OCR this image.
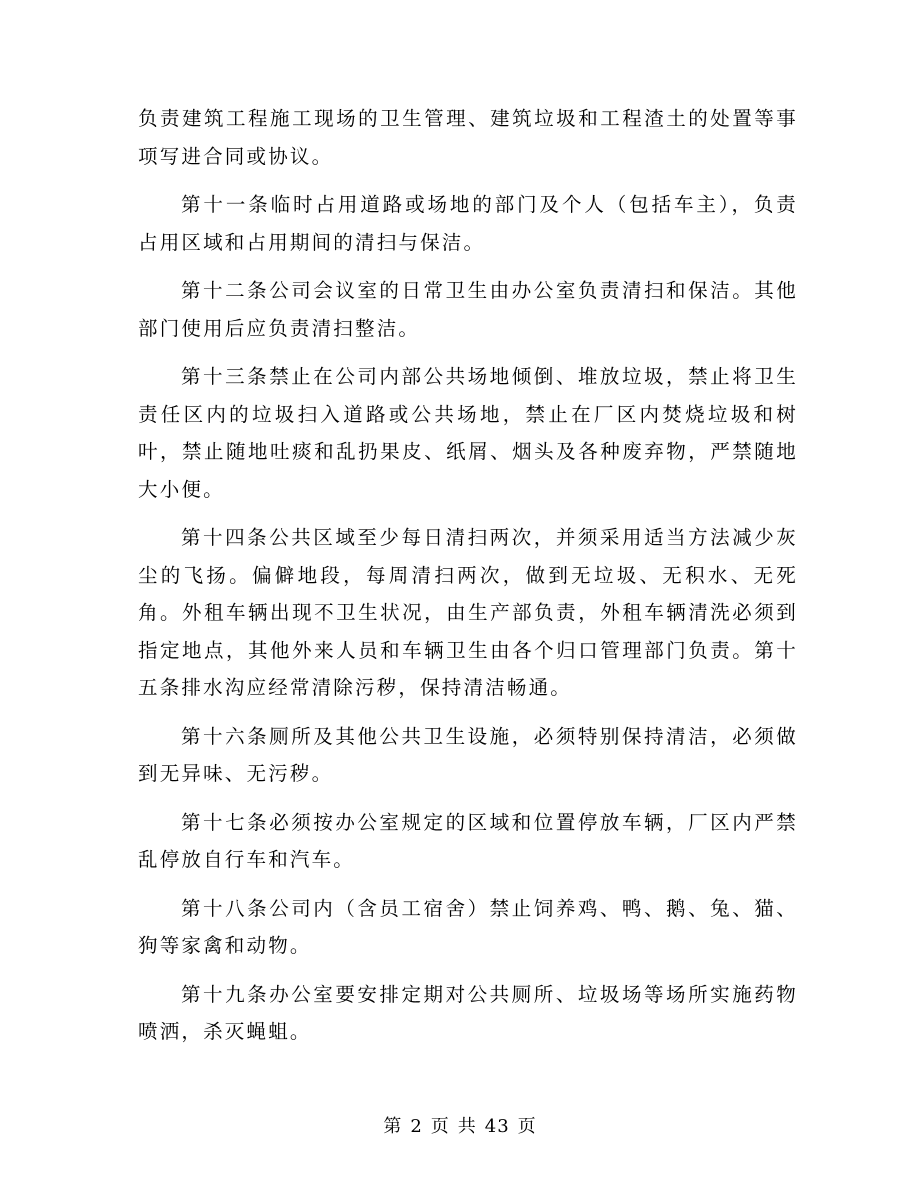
负责建筑工程施工现场的卫生管理、建筑垃圾和工程渣土的处置等事项写进合同或协议。

第十一条临时占用道路或场地的部门及个人（包括车主），负责占用区域和占用期间的清扫与保洁。

第十二条公司会议室的日常卫生由办公室负责清扫和保洁。其他部门使用后应负责清扫整洁。

第十三条禁止在公司内部公共场地倾倒、堆放垃圾，禁止将卫生责任区内的垃圾扫入道路或公共场地，禁止在厂区内焚烧垃圾和树叶，禁止随地吐痰和乱扔果皮、纸屑、烟头及各种废弃物，严禁随地大小便。

第十四条公共区域至少每日清扫两次，并须采用适当方法减少灰尘的飞扬。偏僻地段，每周清扫两次，做到无垃圾、无积水、无死角。外租车辆出现不卫生状况，由生产部负责，外租车辆清洗必须到指定地点，其他外来人员和车辆卫生由各个归口管理部门负责。第十五条排水沟应经常清除污秽，保持清洁畅通。

第十六条厕所及其他公共卫生设施，必须特别保持清洁，必须做到无异味、无污秽。

第十七条必须按办公室规定的区域和位置停放车辆，厂区内严禁乱停放自行车和汽车。

第十八条公司内（含员工宿舍）禁止饲养鸡、鸭、鹅、兔、猫、狗等家禽和动物。

第十九条办公室要安排定期对公共厕所、垃圾场等场所实施药物喷洒，杀灭蝇蛆。

第 2 页 共 43 页
